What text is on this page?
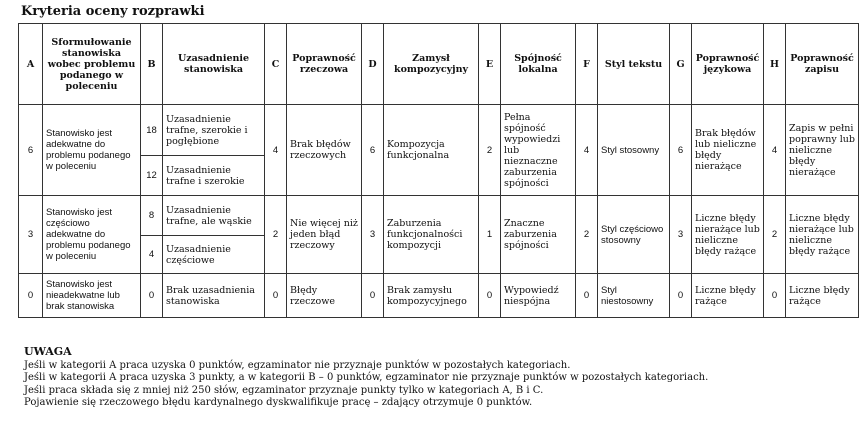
Kryteria oceny rozprawki
A	Sformułowanie stanowiska wobec problemu podanego w poleceniu	B	Uzasadnienie stanowiska	C	Poprawność rzeczowa	D	Zamysł kompozycyjny	E	Spójność lokalna	F	Styl tekstu	G	Poprawność językowa	H	Poprawność zapisu
6	Stanowisko jest adekwatne do problemu podanego w poleceniu	18	Uzasadnienie trafne, szerokie i pogłębione	4	Brak błędów rzeczowych	6	Kompozycja funkcjonalna	2	Pełna spójność wypowiedzi lub nieznaczne zaburzenia spójności	4	Styl stosowny	6	Brak błędów lub nieliczne błędy nierażące	4	Zapis w pełni poprawny lub nieliczne błędy nierażące
		12	Uzasadnienie trafne i szerokie												
3	Stanowisko jest częściowo adekwatne do problemu podanego w poleceniu	8	Uzasadnienie trafne, ale wąskie	2	Nie więcej niż jeden błąd rzeczowy	3	Zaburzenia funkcjonalności kompozycji	1	Znaczne zaburzenia spójności	2	Styl częściowo stosowny	3	Liczne błędy nierażące lub nieliczne błędy rażące	2	Liczne błędy nierażące lub nieliczne błędy rażące
		4	Uzasadnienie częściowe												
0	Stanowisko jest nieadekwatne lub brak stanowiska	0	Brak uzasadnienia stanowiska	0	Błędy rzeczowe	0	Brak zamysłu kompozycyjnego	0	Wypowiedź niespójna	0	Styl niestosowny	0	Liczne błędy rażące	0	Liczne błędy rażące
UWAGA
Jeśli w kategorii A praca uzyska 0 punktów, egzaminator nie przyznaje punktów w pozostałych kategoriach.
Jeśli w kategorii A praca uzyska 3 punkty, a w kategorii B – 0 punktów, egzaminator nie przyznaje punktów w pozostałych kategoriach.
Jeśli praca składa się z mniej niż 250 słów, egzaminator przyznaje punkty tylko w kategoriach A, B i C.
Pojawienie się rzeczowego błędu kardynalnego dyskwalifikuje pracę – zdający otrzymuje 0 punktów.
